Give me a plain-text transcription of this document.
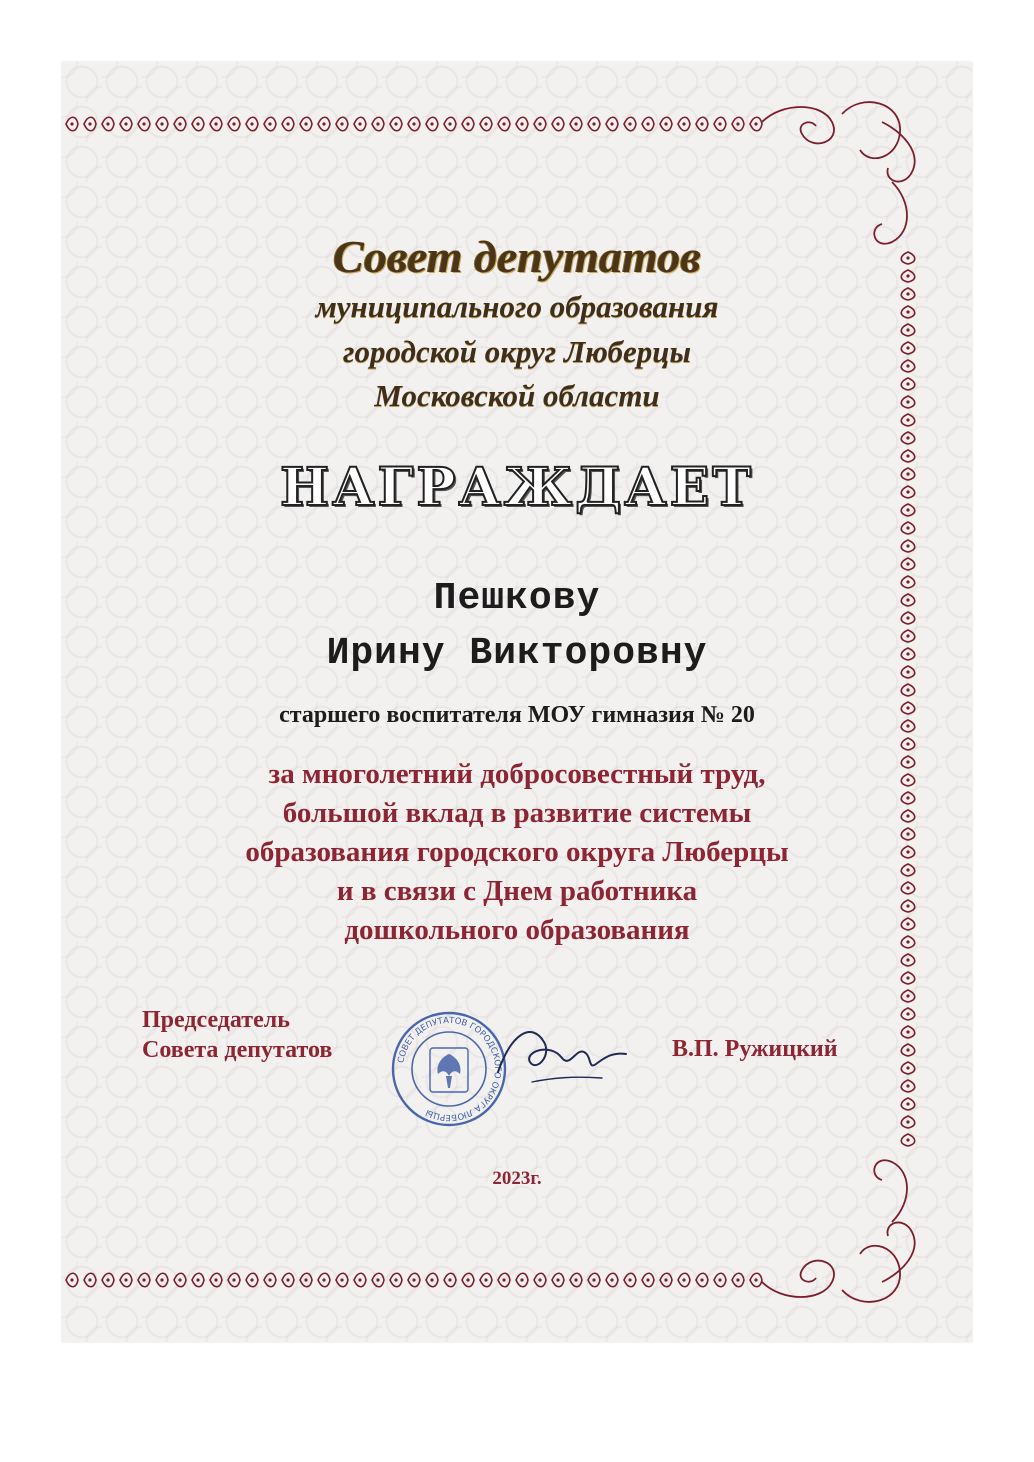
Совет депутатов
муниципального образования
городской округ Люберцы
Московской области
НАГРАЖДАЕТ
Пешкову
Ирину Викторовну
старшего воспитателя МОУ гимназия № 20
за многолетний добросовестный труд,
большой вклад в развитие системы
образования городского округа Люберцы
и в связи с Днем работника
дошкольного образования
Председатель
Совета депутатов	СОВЕТ ДЕПУТАТОВ ГОРОДСКОГО ОКРУГА ЛЮБЕРЦЫ
В.П. Ружицкий
2023г.
